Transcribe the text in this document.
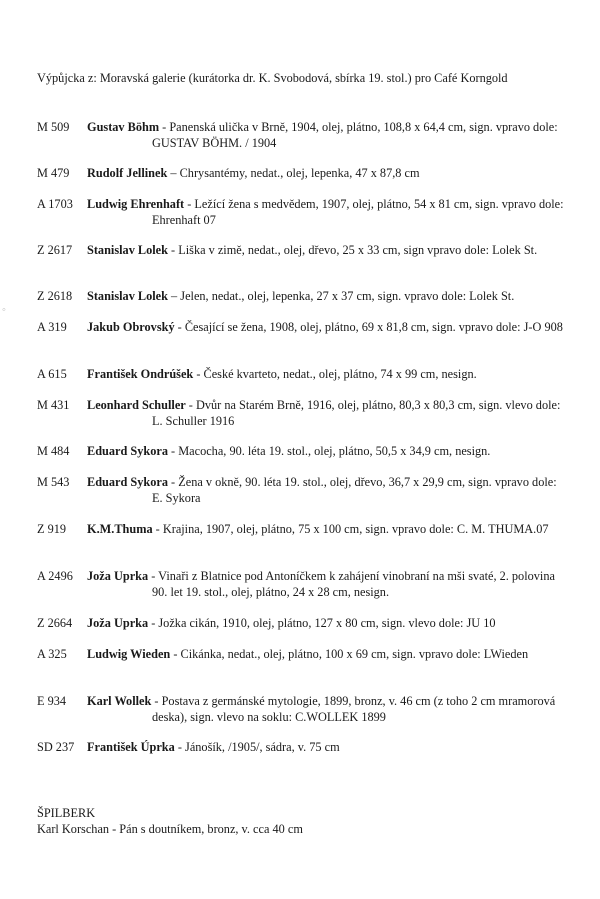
Výpůjcka z: Moravská galerie (kurátorka dr. K. Svobodová, sbírka 19. stol.) pro Café Korngold
M 509 Gustav Böhm - Panenská ulička v Brně, 1904, olej, plátno, 108,8 x 64,4 cm, sign. vpravo dole: GUSTAV BÖHM. / 1904
M 479 Rudolf Jellinek – Chrysantémy, nedat., olej, lepenka, 47 x 87,8 cm
A 1703 Ludwig Ehrenhaft - Ležící žena s medvědem, 1907, olej, plátno, 54 x 81 cm, sign. vpravo dole: Ehrenhaft 07
Z 2617 Stanislav Lolek - Liška v zimě, nedat., olej, dřevo, 25 x 33 cm, sign vpravo dole: Lolek St.
Z 2618 Stanislav Lolek – Jelen, nedat., olej, lepenka, 27 x 37 cm, sign. vpravo dole: Lolek St.
A 319 Jakub Obrovský - Česající se žena, 1908, olej, plátno, 69 x 81,8 cm, sign. vpravo dole: J-O 908
A 615 František Ondrúšek - České kvarteto, nedat., olej, plátno, 74 x 99 cm, nesign.
M 431 Leonhard Schuller - Dvůr na Starém Brně, 1916, olej, plátno, 80,3 x 80,3 cm, sign. vlevo dole: L. Schuller 1916
M 484 Eduard Sykora - Macocha, 90. léta 19. stol., olej, plátno, 50,5 x 34,9 cm, nesign.
M 543 Eduard Sykora - Žena v okně, 90. léta 19. stol., olej, dřevo, 36,7 x 29,9 cm, sign. vpravo dole: E. Sykora
Z 919 K.M.Thuma - Krajina, 1907, olej, plátno, 75 x 100 cm, sign. vpravo dole: C. M. THUMA.07
A 2496 Joža Uprka - Vinaři z Blatnice pod Antoníčkem k zahájení vinobraní na mši svaté, 2. polovina 90. let 19. stol., olej, plátno, 24 x 28 cm, nesign.
Z 2664 Joža Uprka - Jožka cikán, 1910, olej, plátno, 127 x 80 cm, sign. vlevo dole: JU 10
A 325 Ludwig Wieden - Cikánka, nedat., olej, plátno, 100 x 69 cm, sign. vpravo dole: LWieden
E 934 Karl Wollek - Postava z germánské mytologie, 1899, bronz, v. 46 cm (z toho 2 cm mramorová deska), sign. vlevo na soklu: C.WOLLEK 1899
SD 237 František Úprka - Jánošík, /1905/, sádra, v. 75 cm
ŠPILBERK
Karl Korschan - Pán s doutníkem, bronz, v. cca 40 cm
◦
